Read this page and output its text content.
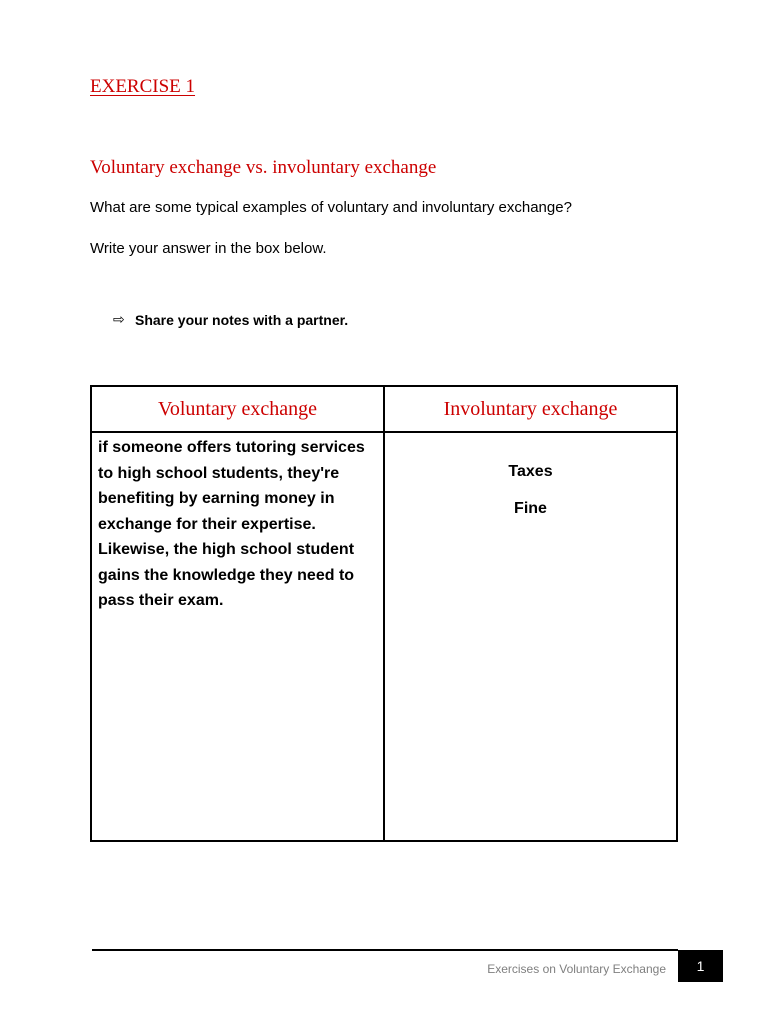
EXERCISE 1
Voluntary exchange vs. involuntary exchange

What are some typical examples of voluntary and involuntary exchange?

Write your answer in the box below.

⇨ Share your notes with a partner.

Voluntary exchange	Involuntary exchange
if someone offers tutoring services to high school students, they're benefiting by earning money in exchange for their expertise. Likewise, the high school student gains the knowledge they need to pass their exam.	Taxes
Fine

Exercises on Voluntary Exchange	1
